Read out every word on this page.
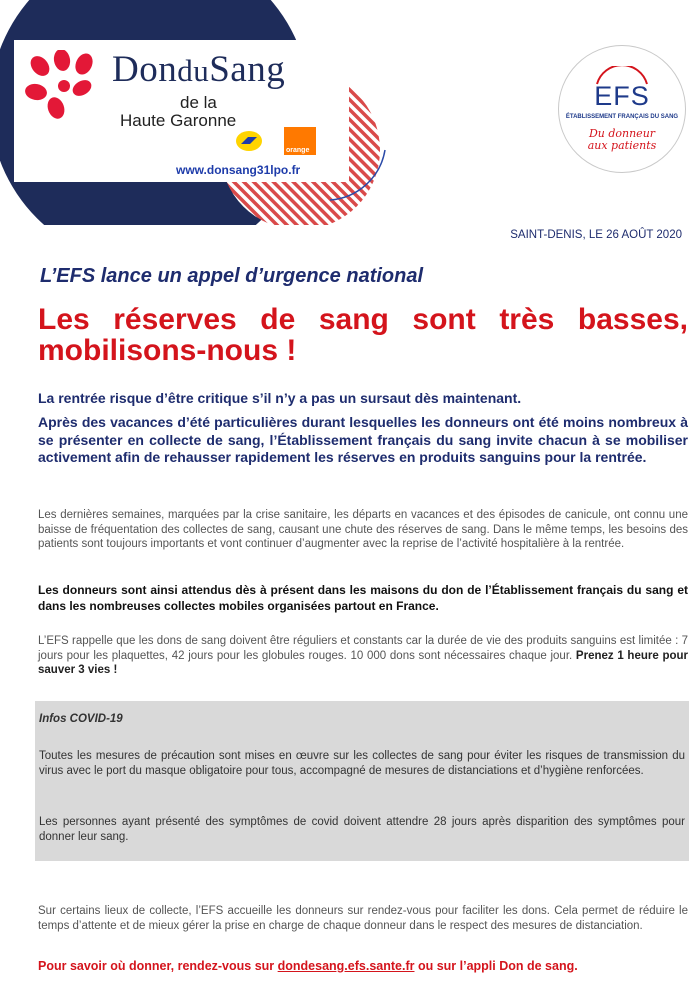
DonduSang
de la
Haute Garonne
orange
www.donsang31lpo.fr
EFS
ÉTABLISSEMENT FRANÇAIS DU SANG
Du donneur
aux patients
SAINT-DENIS, LE 26 AOÛT 2020
L’EFS lance un appel d’urgence national
Les réserves de sang sont très basses, mobilisons-nous !
La rentrée risque d’être critique s’il n’y a pas un sursaut dès maintenant.
Après des vacances d’été particulières durant lesquelles les donneurs ont été moins nombreux à se présenter en collecte de sang, l’Établissement français du sang invite chacun à se mobiliser activement afin de rehausser rapidement les réserves en produits sanguins pour la rentrée.
Les dernières semaines, marquées par la crise sanitaire, les départs en vacances et des épisodes de canicule, ont connu une baisse de fréquentation des collectes de sang, causant une chute des réserves de sang. Dans le même temps, les besoins des patients sont toujours importants et vont continuer d’augmenter avec la reprise de l’activité hospitalière à la rentrée.
Les donneurs sont ainsi attendus dès à présent dans les maisons du don de l’Établissement français du sang et dans les nombreuses collectes mobiles organisées partout en France.
L’EFS rappelle que les dons de sang doivent être réguliers et constants car la durée de vie des produits sanguins est limitée : 7 jours pour les plaquettes, 42 jours pour les globules rouges. 10 000 dons sont nécessaires chaque jour. Prenez 1 heure pour sauver 3 vies !
Infos COVID-19
Toutes les mesures de précaution sont mises en œuvre sur les collectes de sang pour éviter les risques de transmission du virus avec le port du masque obligatoire pour tous, accompagné de mesures de distanciations et d’hygiène renforcées.
Les personnes ayant présenté des symptômes de covid doivent attendre 28 jours après disparition des symptômes pour donner leur sang.
Sur certains lieux de collecte, l’EFS accueille les donneurs sur rendez-vous pour faciliter les dons. Cela permet de réduire le temps d’attente et de mieux gérer la prise en charge de chaque donneur dans le respect des mesures de distanciation.
Pour savoir où donner, rendez-vous sur dondesang.efs.sante.fr ou sur l’appli Don de sang.
